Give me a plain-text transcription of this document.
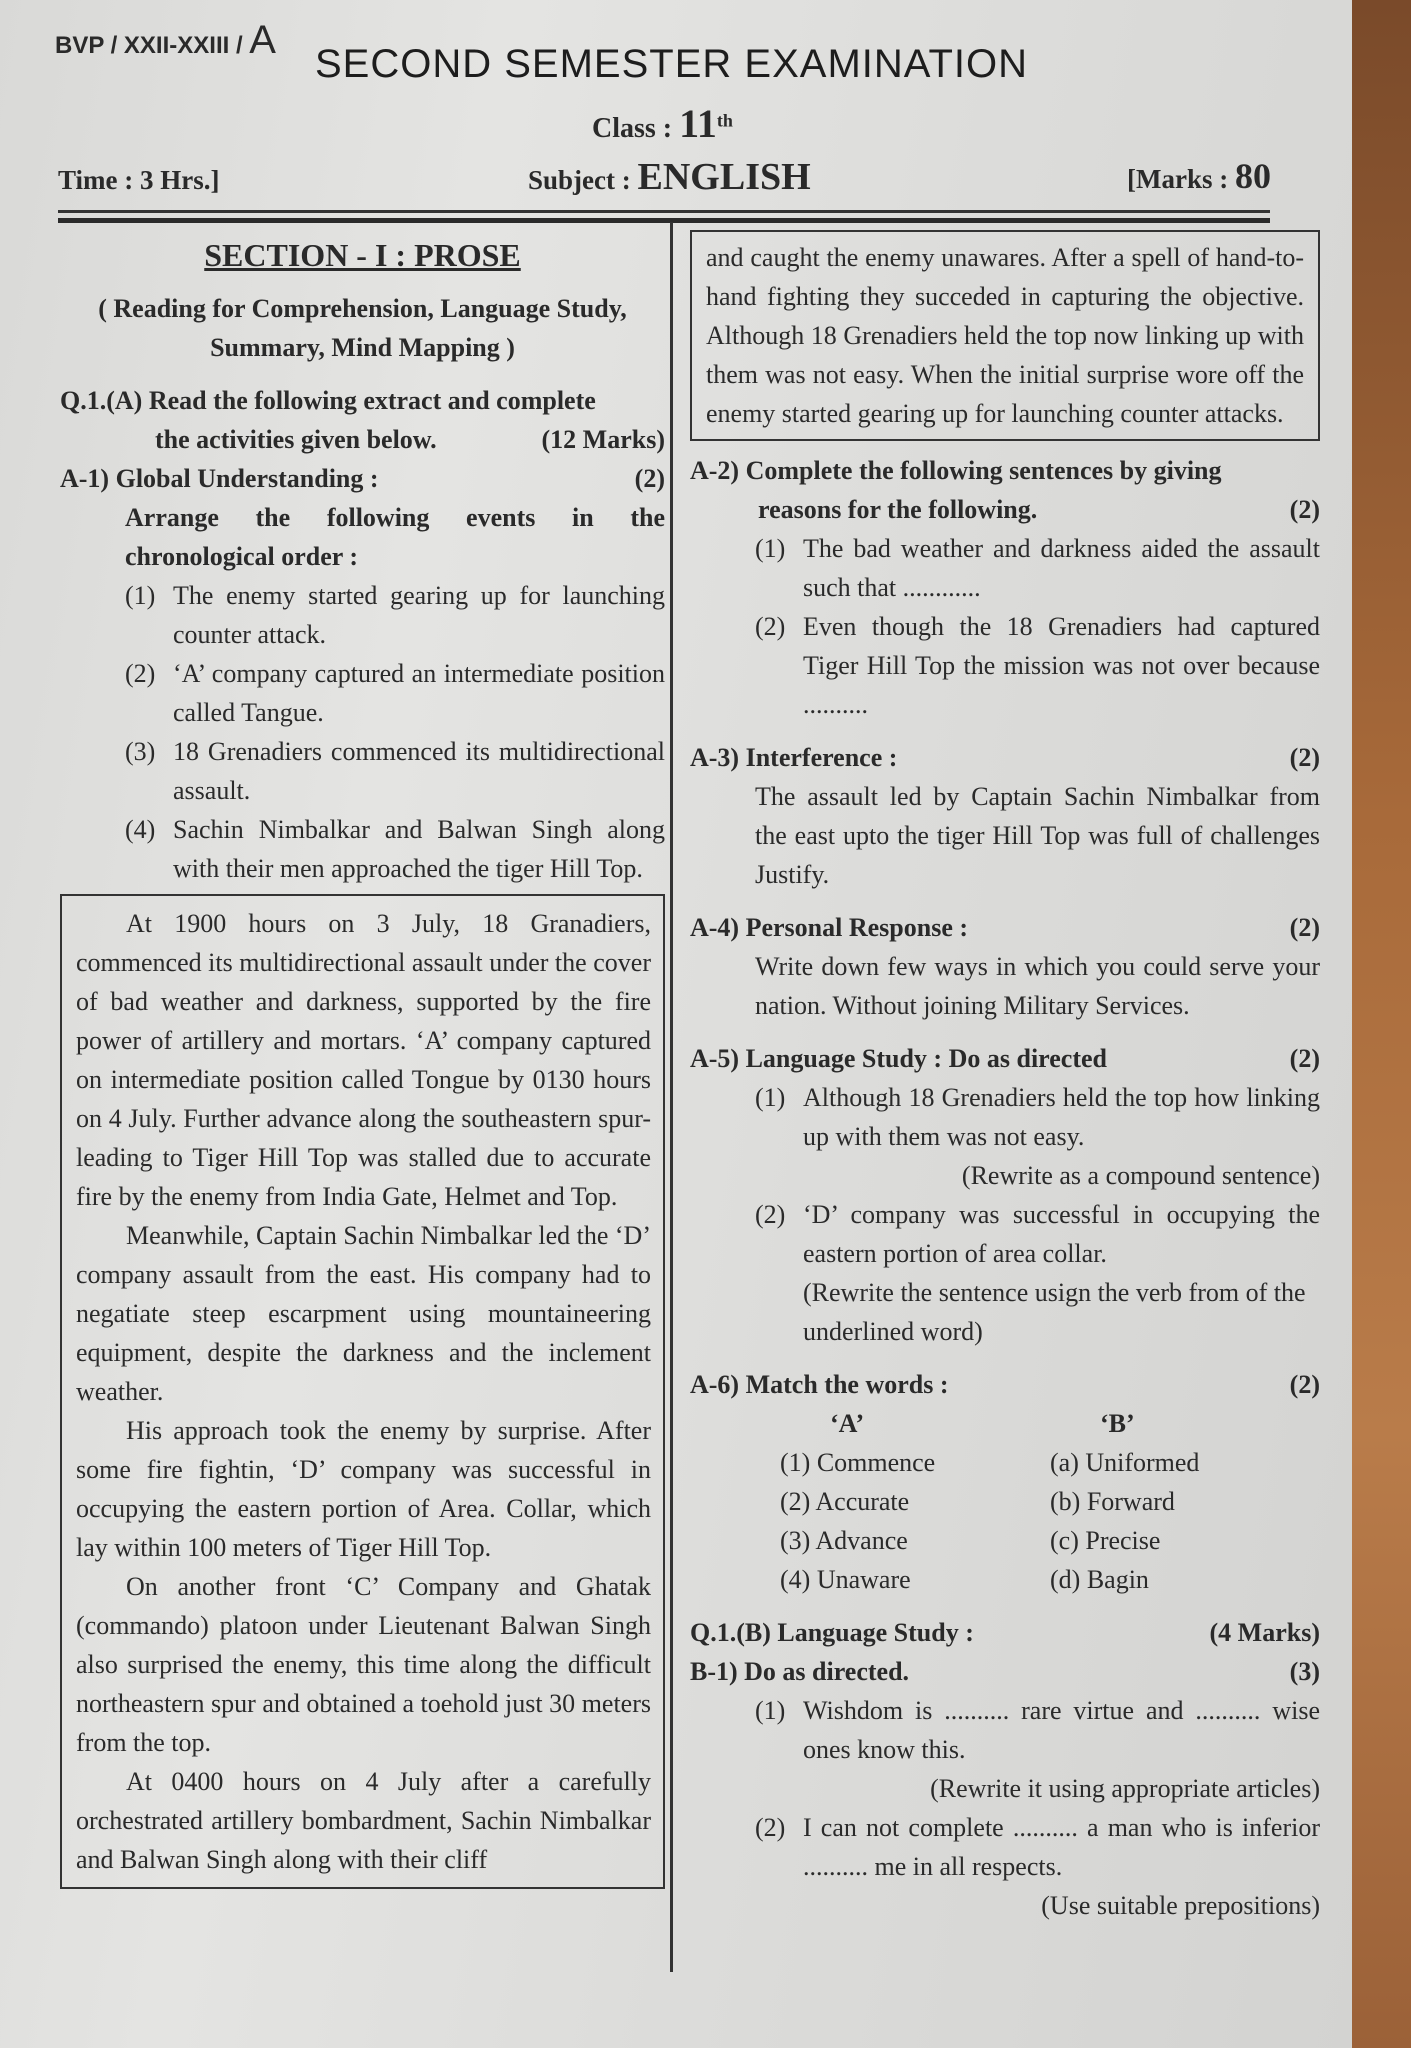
BVP / XXII-XXIII / A
SECOND SEMESTER EXAMINATION
Class : 11th
Time : 3 Hrs.]	Subject : ENGLISH	[Marks : 80
SECTION - I : PROSE
( Reading for Comprehension, Language Study,
Summary, Mind Mapping )
Q.1.(A) Read the following extract and complete
the activities given below.	(12 Marks)
A-1) Global Understanding :	(2)
Arrange the following events in the chronological order :
(1) The enemy started gearing up for launching counter attack.
(2) ‘A’ company captured an intermediate position called Tangue.
(3) 18 Grenadiers commenced its multidirectional assault.
(4) Sachin Nimbalkar and Balwan Singh along with their men approached the tiger Hill Top.

At 1900 hours on 3 July, 18 Granadiers, commenced its multidirectional assault under the cover of bad weather and darkness, supported by the fire power of artillery and mortars. ‘A’ company captured on intermediate position called Tongue by 0130 hours on 4 July. Further advance along the southeastern spur-leading to Tiger Hill Top was stalled due to accurate fire by the enemy from India Gate, Helmet and Top.

Meanwhile, Captain Sachin Nimbalkar led the ‘D’ company assault from the east. His company had to negatiate steep escarpment using mountaineering equipment, despite the darkness and the inclement weather.

His approach took the enemy by surprise. After some fire fightin, ‘D’ company was successful in occupying the eastern portion of Area. Collar, which lay within 100 meters of Tiger Hill Top.

On another front ‘C’ Company and Ghatak (commando) platoon under Lieutenant Balwan Singh also surprised the enemy, this time along the difficult northeastern spur and obtained a toehold just 30 meters from the top.

At 0400 hours on 4 July after a carefully orchestrated artillery bombardment, Sachin Nimbalkar and Balwan Singh along with their cliff

and caught the enemy unawares. After a spell of hand-to-hand fighting they succeded in capturing the objective. Although 18 Grenadiers held the top now linking up with them was not easy. When the initial surprise wore off the enemy started gearing up for launching counter attacks.
A-2) Complete the following sentences by giving
reasons for the following.	(2)
(1) The bad weather and darkness aided the assault such that ............
(2) Even though the 18 Grenadiers had captured Tiger Hill Top the mission was not over because ..........
A-3) Interference :	(2)
The assault led by Captain Sachin Nimbalkar from the east upto the tiger Hill Top was full of challenges Justify.
A-4) Personal Response :	(2)
Write down few ways in which you could serve your nation. Without joining Military Services.
A-5) Language Study : Do as directed	(2)
(1) Although 18 Grenadiers held the top how linking up with them was not easy.
(Rewrite as a compound sentence)
(2) ‘D’ company was successful in occupying the eastern portion of area collar.
(Rewrite the sentence usign the verb from of the underlined word)
A-6) Match the words :	(2)
‘A’	‘B’
(1) Commence	(a) Uniformed
(2) Accurate	(b) Forward
(3) Advance	(c) Precise
(4) Unaware	(d) Bagin
Q.1.(B) Language Study :	(4 Marks)
B-1) Do as directed.	(3)
(1) Wishdom is .......... rare virtue and .......... wise ones know this.
(Rewrite it using appropriate articles)
(2) I can not complete .......... a man who is inferior .......... me in all respects.
(Use suitable prepositions)
